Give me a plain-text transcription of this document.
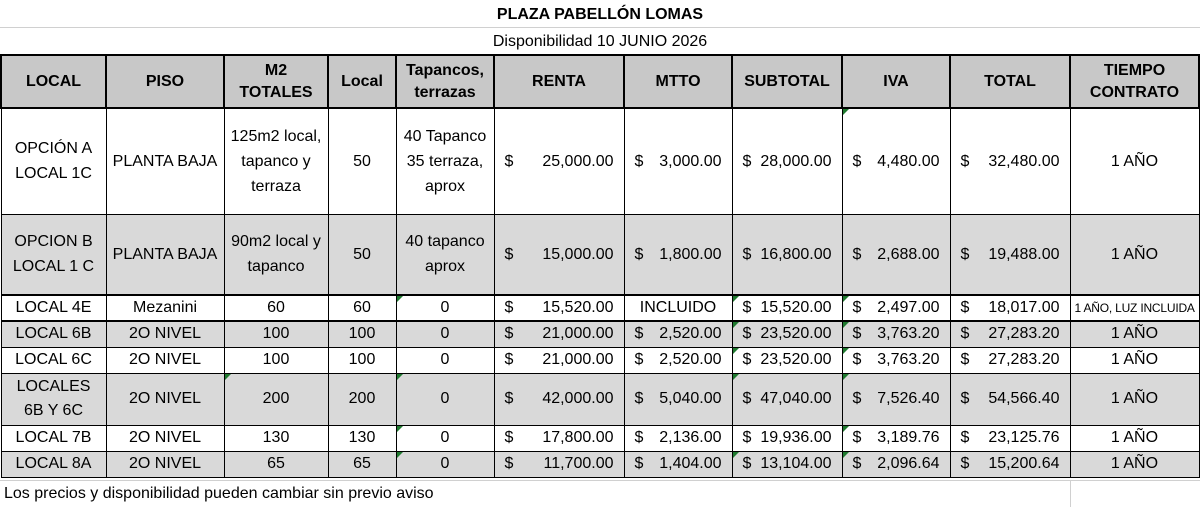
PLAZA PABELLÓN LOMAS
Disponibilidad 10 JUNIO 2026
LOCAL	PISO	M2 TOTALES	Local	Tapancos, terrazas	RENTA	MTTO	SUBTOTAL	IVA	TOTAL	TIEMPO CONTRATO
OPCIÓN A LOCAL 1C	PLANTA BAJA	125m2 local, tapanco y terraza	50	40 Tapanco 35 terraza, aprox	$ 25,000.00	$ 3,000.00	$ 28,000.00	$ 4,480.00	$ 32,480.00	1 AÑO
OPCION B LOCAL 1 C	PLANTA BAJA	90m2 local y tapanco	50	40 tapanco aprox	$ 15,000.00	$ 1,800.00	$ 16,800.00	$ 2,688.00	$ 19,488.00	1 AÑO
LOCAL 4E	Mezanini	60	60	0	$ 15,520.00	INCLUIDO	$ 15,520.00	$ 2,497.00	$ 18,017.00	1 AÑO, LUZ INCLUIDA
LOCAL 6B	2O NIVEL	100	100	0	$ 21,000.00	$ 2,520.00	$ 23,520.00	$ 3,763.20	$ 27,283.20	1 AÑO
LOCAL 6C	2O NIVEL	100	100	0	$ 21,000.00	$ 2,520.00	$ 23,520.00	$ 3,763.20	$ 27,283.20	1 AÑO
LOCALES 6B Y 6C	2O NIVEL	200	200	0	$ 42,000.00	$ 5,040.00	$ 47,040.00	$ 7,526.40	$ 54,566.40	1 AÑO
LOCAL 7B	2O NIVEL	130	130	0	$ 17,800.00	$ 2,136.00	$ 19,936.00	$ 3,189.76	$ 23,125.76	1 AÑO
LOCAL 8A	2O NIVEL	65	65	0	$ 11,700.00	$ 1,404.00	$ 13,104.00	$ 2,096.64	$ 15,200.64	1 AÑO
Los precios y disponibilidad pueden cambiar sin previo aviso
